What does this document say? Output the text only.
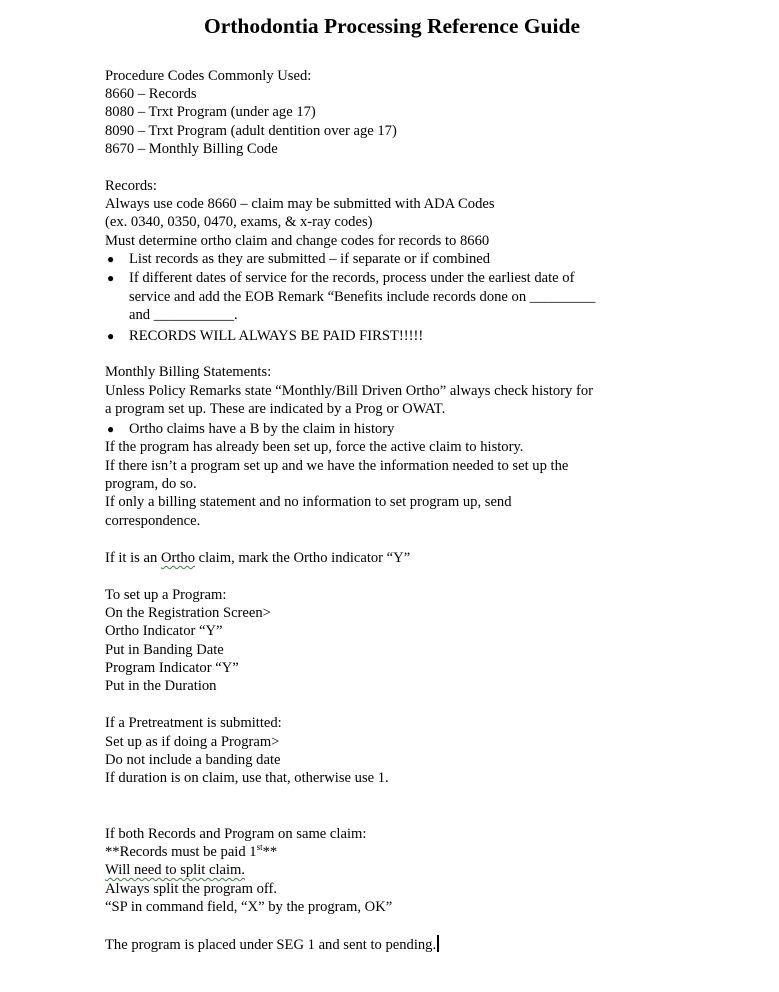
Orthodontia Processing Reference Guide
Procedure Codes Commonly Used:
8660 – Records
8080 – Trxt Program (under age 17)
8090 – Trxt Program (adult dentition over age 17)
8670 – Monthly Billing Code
Records:
Always use code 8660 – claim may be submitted with ADA Codes
(ex. 0340, 0350, 0470, exams, & x-ray codes)
Must determine ortho claim and change codes for records to 8660
● List records as they are submitted – if separate or if combined
● If different dates of service for the records, process under the earliest date of
service and add the EOB Remark “Benefits include records done on _________
and ___________.
● RECORDS WILL ALWAYS BE PAID FIRST!!!!!
Monthly Billing Statements:
Unless Policy Remarks state “Monthly/Bill Driven Ortho” always check history for
a program set up. These are indicated by a Prog or OWAT.
● Ortho claims have a B by the claim in history
If the program has already been set up, force the active claim to history.
If there isn’t a program set up and we have the information needed to set up the
program, do so.
If only a billing statement and no information to set program up, send
correspondence.
If it is an Ortho claim, mark the Ortho indicator “Y”
To set up a Program:
On the Registration Screen>
Ortho Indicator “Y”
Put in Banding Date
Program Indicator “Y”
Put in the Duration
If a Pretreatment is submitted:
Set up as if doing a Program>
Do not include a banding date
If duration is on claim, use that, otherwise use 1.
If both Records and Program on same claim:
**Records must be paid 1st**
Will need to split claim.
Always split the program off.
“SP in command field, “X” by the program, OK”
The program is placed under SEG 1 and sent to pending.
